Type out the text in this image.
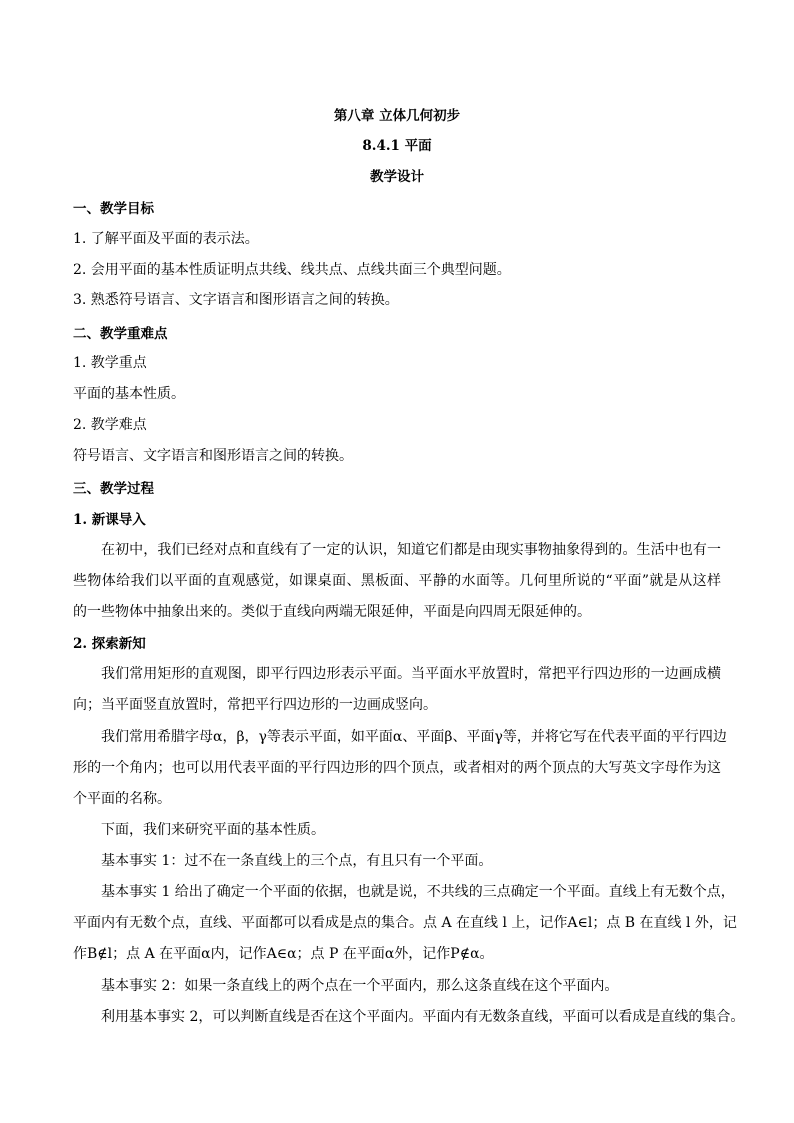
第八章 立体几何初步
8.4.1 平面
教学设计
一、教学目标
1. 了解平面及平面的表示法。
2. 会用平面的基本性质证明点共线、线共点、点线共面三个典型问题。
3. 熟悉符号语言、文字语言和图形语言之间的转换。
二、教学重难点
1. 教学重点
平面的基本性质。
2. 教学难点
符号语言、文字语言和图形语言之间的转换。
三、教学过程
1. 新课导入
在初中，我们已经对点和直线有了一定的认识，知道它们都是由现实事物抽象得到的。生活中也有一
些物体给我们以平面的直观感觉，如课桌面、黑板面、平静的水面等。几何里所说的“平面”就是从这样
的一些物体中抽象出来的。类似于直线向两端无限延伸，平面是向四周无限延伸的。
2. 探索新知
我们常用矩形的直观图，即平行四边形表示平面。当平面水平放置时，常把平行四边形的一边画成横
向；当平面竖直放置时，常把平行四边形的一边画成竖向。
我们常用希腊字母α，β，γ等表示平面，如平面α、平面β、平面γ等，并将它写在代表平面的平行四边
形的一个角内；也可以用代表平面的平行四边形的四个顶点，或者相对的两个顶点的大写英文字母作为这
个平面的名称。
下面，我们来研究平面的基本性质。
基本事实 1：过不在一条直线上的三个点，有且只有一个平面。
基本事实 1 给出了确定一个平面的依据，也就是说，不共线的三点确定一个平面。直线上有无数个点，
平面内有无数个点，直线、平面都可以看成是点的集合。点 A 在直线 l 上，记作A∈l；点 B 在直线 l 外，记
作B∉l；点 A 在平面α内，记作A∈α；点 P 在平面α外，记作P∉α。
基本事实 2：如果一条直线上的两个点在一个平面内，那么这条直线在这个平面内。
利用基本事实 2，可以判断直线是否在这个平面内。平面内有无数条直线，平面可以看成是直线的集合。
